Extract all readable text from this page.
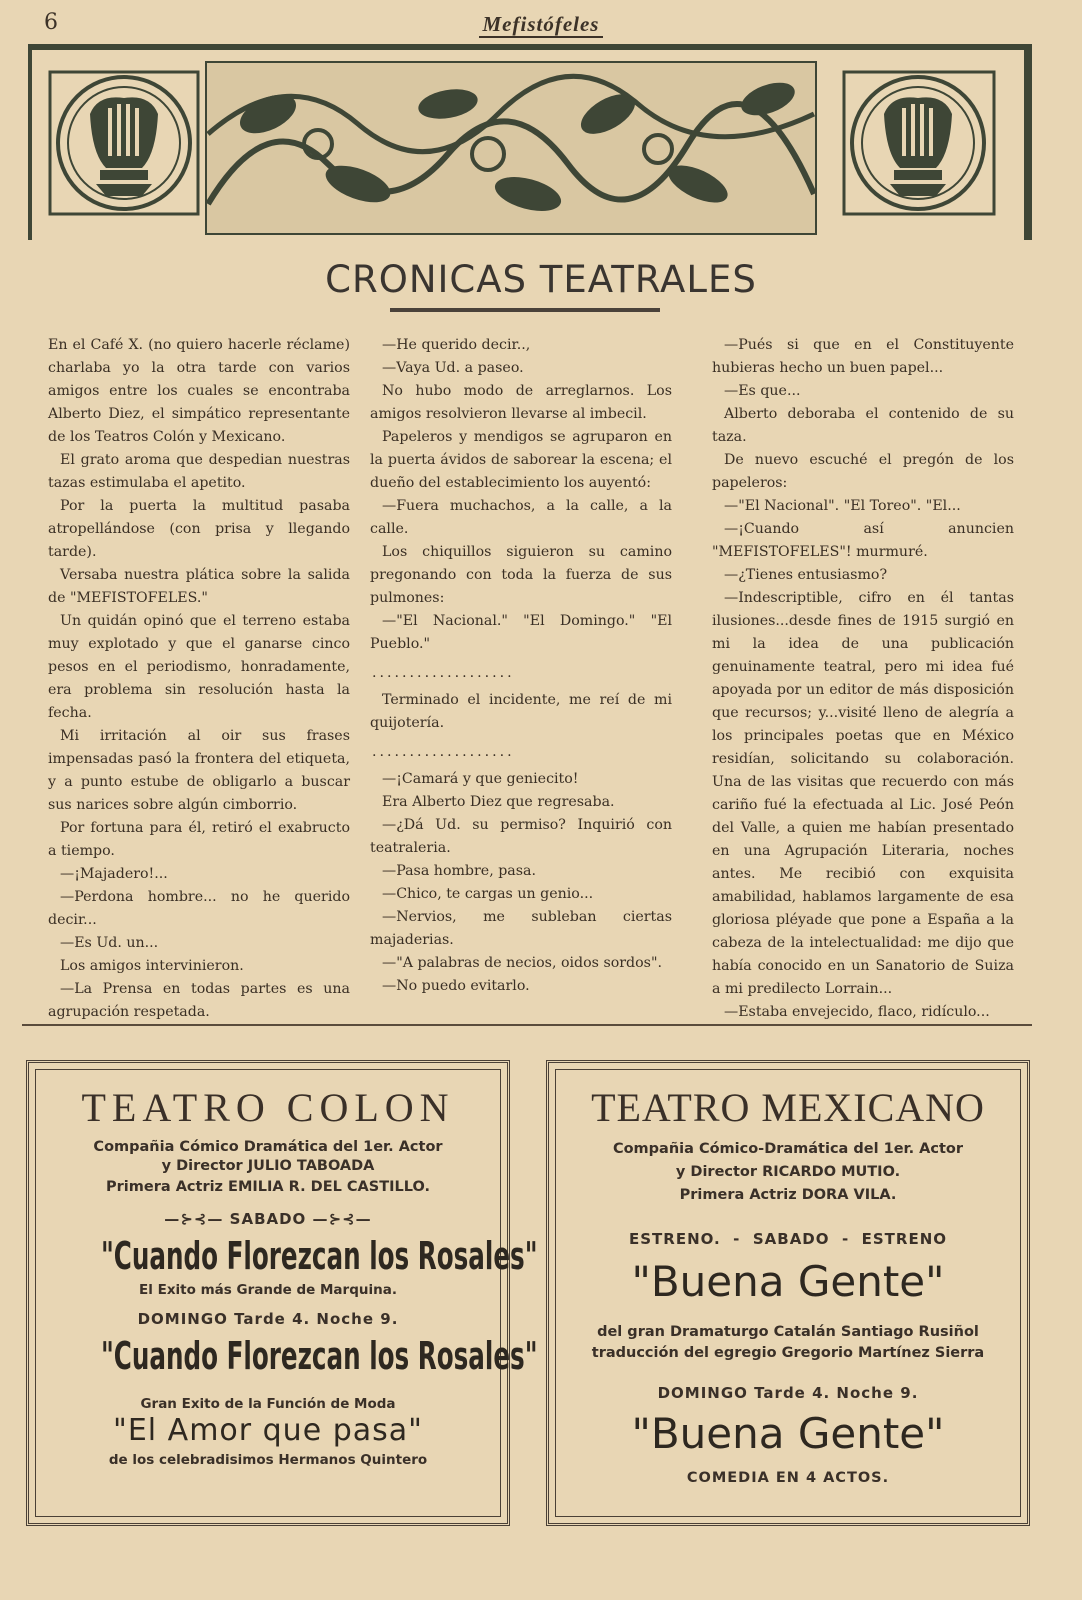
6	Mefistófeles
CRONICAS TEATRALES

En el Café X. (no quiero hacerle réclame) charlaba yo la otra tarde con varios amigos entre los cuales se encontraba Alberto Diez, el simpático representante de los Teatros Colón y Mexicano.

El grato aroma que despedian nuestras tazas estimulaba el apetito.

Por la puerta la multitud pasaba atropellándose (con prisa y llegando tarde).

Versaba nuestra plática sobre la salida de "MEFISTOFELES."

Un quidán opinó que el terreno estaba muy explotado y que el ganarse cinco pesos en el periodismo, honradamente, era problema sin resolución hasta la fecha.

Mi irritación al oir sus frases impensadas pasó la frontera del etiqueta, y a punto estube de obligarlo a buscar sus narices sobre algún cimborrio.

Por fortuna para él, retiró el exabructo a tiempo.

—¡Majadero!...

—Perdona hombre... no he querido decir...

—Es Ud. un...

Los amigos intervinieron.

—La Prensa en todas partes es una agrupación respetada.

—He querido decir..,

—Vaya Ud. a paseo.

No hubo modo de arreglarnos. Los amigos resolvieron llevarse al imbecil.

Papeleros y mendigos se agruparon en la puerta ávidos de saborear la escena; el dueño del establecimiento los auyentó:

—Fuera muchachos, a la calle, a la calle.

Los chiquillos siguieron su camino pregonando con toda la fuerza de sus pulmones:

—"El Nacional." "El Domingo." "El Pueblo."

...................

Terminado el incidente, me reí de mi quijotería.

...................

—¡Camará y que geniecito!

Era Alberto Diez que regresaba.

—¿Dá Ud. su permiso? Inquirió con teatraleria.

—Pasa hombre, pasa.

—Chico, te cargas un genio...

—Nervios, me subleban ciertas majaderias.

—"A palabras de necios, oidos sordos".

—No puedo evitarlo.

—Pués si que en el Constituyente hubieras hecho un buen papel...

—Es que...

Alberto deboraba el contenido de su taza.

De nuevo escuché el pregón de los papeleros:

—"El Nacional". "El Toreo". "El...

—¡Cuando así anuncien "MEFISTOFELES"! murmuré.

—¿Tienes entusiasmo?

—Indescriptible, cifro en él tantas ilusiones...desde fines de 1915 surgió en mi la idea de una publicación genuinamente teatral, pero mi idea fué apoyada por un editor de más disposición que recursos; y...visité lleno de alegría a los principales poetas que en México residían, solicitando su colaboración. Una de las visitas que recuerdo con más cariño fué la efectuada al Lic. José Peón del Valle, a quien me habían presentado en una Agrupación Literaria, noches antes. Me recibió con exquisita amabilidad, hablamos largamente de esa gloriosa pléyade que pone a España a la cabeza de la intelectualidad: me dijo que había conocido en un Sanatorio de Suiza a mi predilecto Lorrain...

—Estaba envejecido, flaco, ridículo...

TEATRO COLON
Compañia Cómico Dramática del 1er. Actor
y Director JULIO TABOADA
Primera Actriz EMILIA R. DEL CASTILLO.
—⊱⊰— SABADO —⊱⊰—
"Cuando Florezcan los Rosales"
El Exito más Grande de Marquina.
DOMINGO Tarde 4. Noche 9.
"Cuando Florezcan los Rosales"
Gran Exito de la Función de Moda
"El Amor que pasa"
de los celebradisimos Hermanos Quintero
TEATRO MEXICANO
Compañia Cómico-Dramática del 1er. Actor
y Director RICARDO MUTIO.
Primera Actriz DORA VILA.
ESTRENO.  -  SABADO  -  ESTRENO
"Buena Gente"
del gran Dramaturgo Catalán Santiago Rusiñol
traducción del egregio Gregorio Martínez Sierra
DOMINGO Tarde 4. Noche 9.
"Buena Gente"
COMEDIA EN 4 ACTOS.
